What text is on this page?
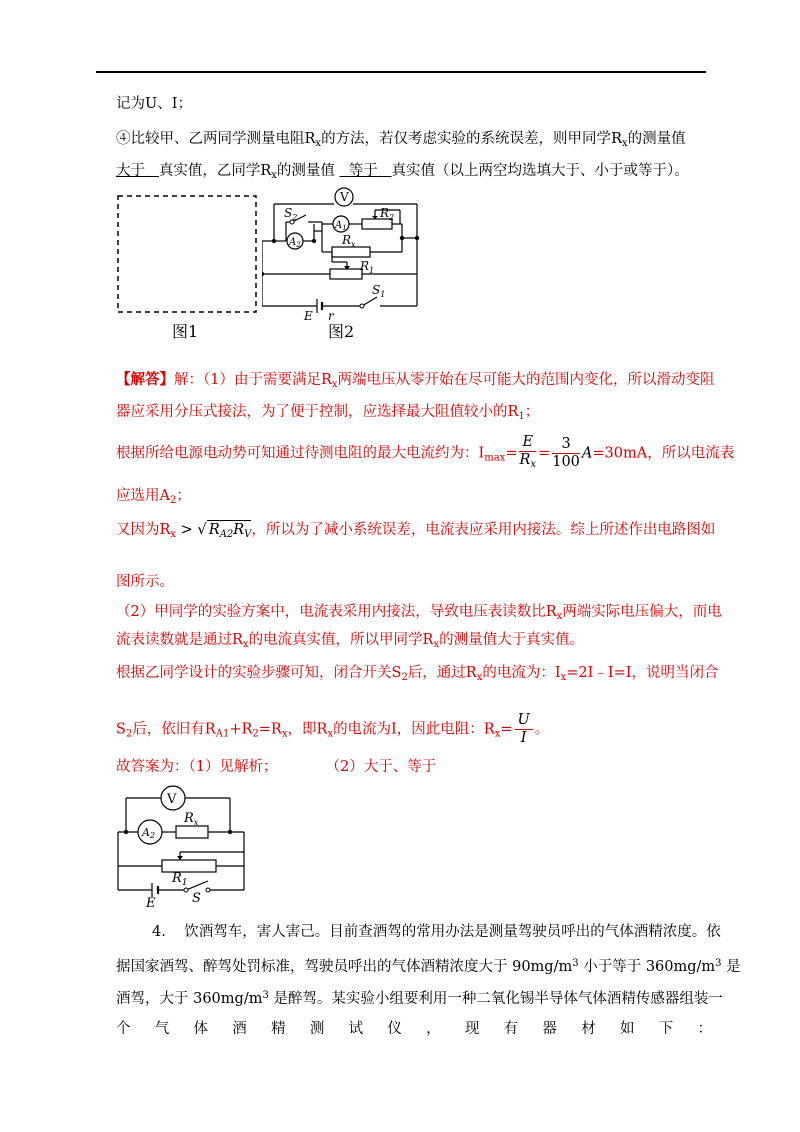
记为U、I；
④比较甲、乙两同学测量电阻$R_x$的方法，若仅考虑实验的系统误差，则甲同学$R_x$的测量值
大于 真实值，乙同学$R_x$的测量值 等于 真实值（以上两空均选填大于、小于或等于）。
图1
V
$S_2$
$A_2$
$A_1$
$R_2$
$R_x$
$R_1$
E r
$S_1$
图2
【解答】解：（1）由于需要满足$R_x$两端电压从零开始在尽可能大的范围内变化，所以滑动变阻
器应采用分压式接法，为了便于控制，应选择最大阻值较小的$R_1$；
根据所给电源电动势可知通过待测电阻的最大电流约为：$I_{max}= \frac{E}{R_x} = \frac{3}{100} A=30mA$，所以电流表
应选用$A_2$；
又因为$R_x$ > √ $R_{A2}R_V$，所以为了减小系统误差，电流表应采用内接法。综上所述作出电路图如
图所示。
（2）甲同学的实验方案中，电流表采用内接法，导致电压表读数比$R_x$两端实际电压偏大，而电
流表读数就是通过$R_x$的电流真实值，所以甲同学$R_x$的测量值大于真实值。
根据乙同学设计的实验步骤可知，闭合开关$S_2$后，通过$R_x$的电流为：$I_x=2I﹣I=I$，说明当闭合
$S_2$后，依旧有$R_{A1}+R_2=R_x$，即$R_x$的电流为I，因此电阻：$R_x= \frac{U}{I}$ 。
故答案为：（1）见解析；	（2）大于、等于
V
A2
$R_x$
$R_1$
E	S
4. 饮酒驾车，害人害己。目前查酒驾的常用办法是测量驾驶员呼出的气体酒精浓度。依
据国家酒驾、醉驾处罚标准，驾驶员呼出的气体酒精浓度大于 $90mg/m^3$ 小于等于 $360mg/m^3$ 是
酒驾，大于 $360mg/m^3$ 是醉驾。某实验小组要利用一种二氧化锡半导体气体酒精传感器组装一
个 气 体 酒 精 测 试 仪 ， 现 有 器 材 如 下 ：
